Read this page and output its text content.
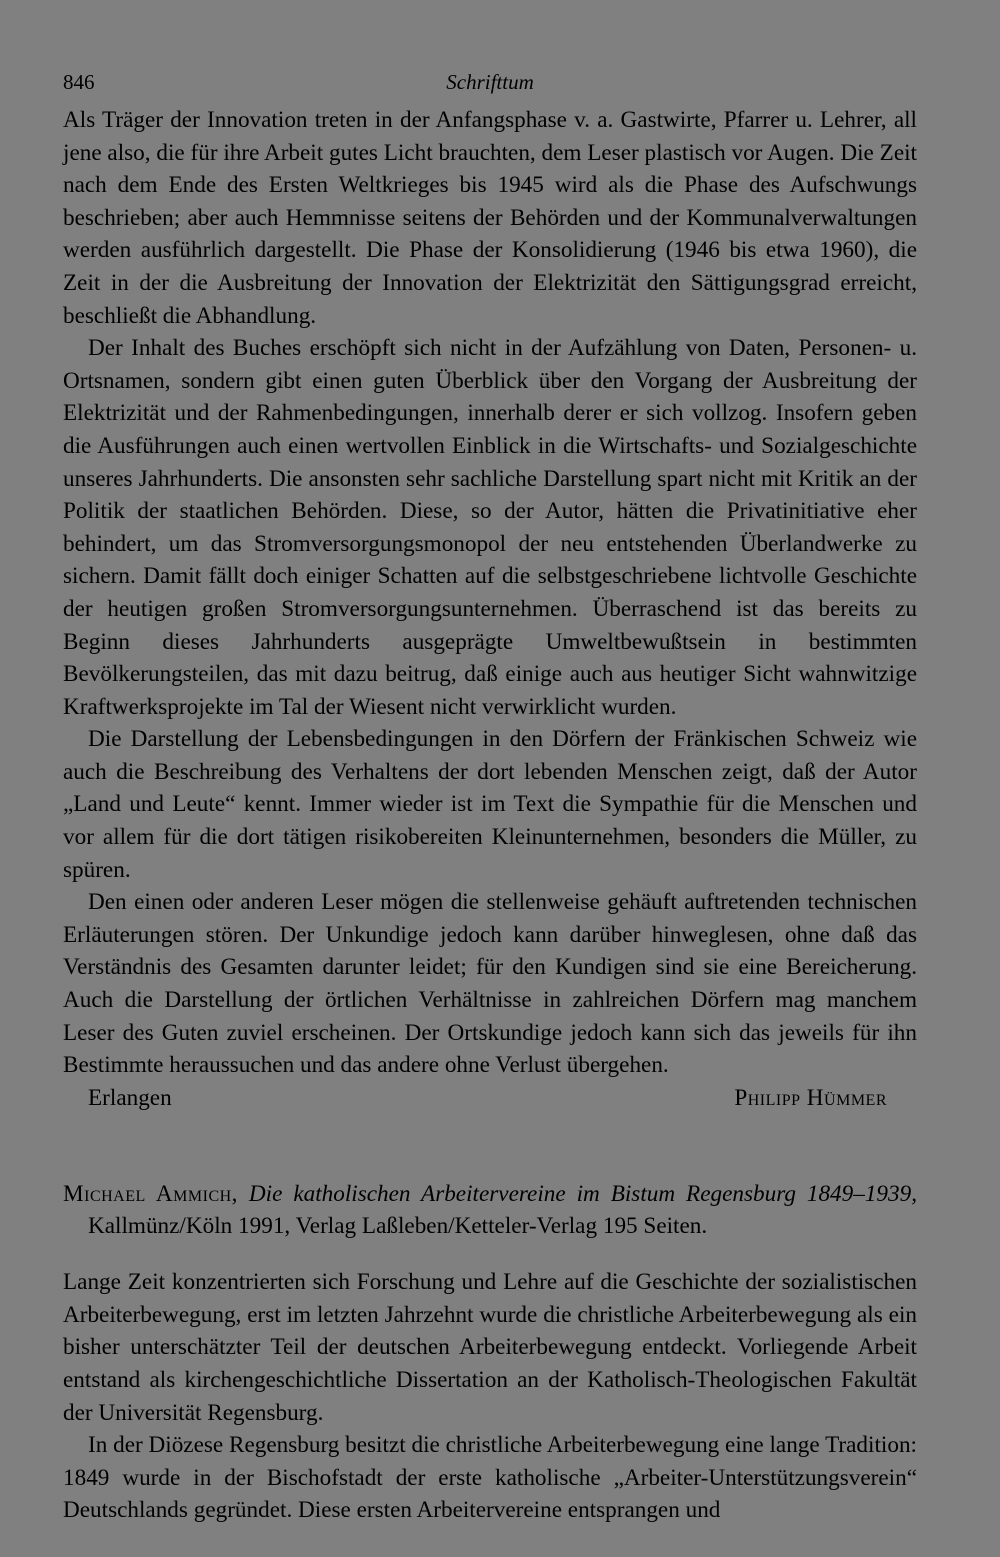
846	Schrifttum

Als Träger der Innovation treten in der Anfangsphase v. a. Gastwirte, Pfarrer u. Lehrer, all jene also, die für ihre Arbeit gutes Licht brauchten, dem Leser plastisch vor Augen. Die Zeit nach dem Ende des Ersten Weltkrieges bis 1945 wird als die Phase des Aufschwungs beschrieben; aber auch Hemmnisse seitens der Behörden und der Kommunalverwaltungen werden ausführlich dargestellt. Die Phase der Konsolidierung (1946 bis etwa 1960), die Zeit in der die Ausbreitung der Innovation der Elektrizität den Sättigungsgrad erreicht, beschließt die Abhandlung.

Der Inhalt des Buches erschöpft sich nicht in der Aufzählung von Daten, Personen- u. Ortsnamen, sondern gibt einen guten Überblick über den Vorgang der Ausbreitung der Elektrizität und der Rahmenbedingungen, innerhalb derer er sich vollzog. Insofern geben die Ausführungen auch einen wertvollen Einblick in die Wirtschafts- und Sozialgeschichte unseres Jahrhunderts. Die ansonsten sehr sachliche Darstellung spart nicht mit Kritik an der Politik der staatlichen Behörden. Diese, so der Autor, hätten die Privatinitiative eher behindert, um das Stromversorgungsmonopol der neu entstehenden Überlandwerke zu sichern. Damit fällt doch einiger Schatten auf die selbstgeschriebene lichtvolle Geschichte der heutigen großen Stromversorgungsunternehmen. Überraschend ist das bereits zu Beginn dieses Jahrhunderts ausgeprägte Umweltbewußtsein in bestimmten Bevölkerungsteilen, das mit dazu beitrug, daß einige auch aus heutiger Sicht wahnwitzige Kraftwerksprojekte im Tal der Wiesent nicht verwirklicht wurden.

Die Darstellung der Lebensbedingungen in den Dörfern der Fränkischen Schweiz wie auch die Beschreibung des Verhaltens der dort lebenden Menschen zeigt, daß der Autor „Land und Leute“ kennt. Immer wieder ist im Text die Sympathie für die Menschen und vor allem für die dort tätigen risikobereiten Kleinunternehmen, besonders die Müller, zu spüren.

Den einen oder anderen Leser mögen die stellenweise gehäuft auftretenden technischen Erläuterungen stören. Der Unkundige jedoch kann darüber hinweglesen, ohne daß das Verständnis des Gesamten darunter leidet; für den Kundigen sind sie eine Bereicherung. Auch die Darstellung der örtlichen Verhältnisse in zahlreichen Dörfern mag manchem Leser des Guten zuviel erscheinen. Der Ortskundige jedoch kann sich das jeweils für ihn Bestimmte heraussuchen und das andere ohne Verlust übergehen.

Erlangen	Philipp Hümmer

Michael Ammich, Die katholischen Arbeitervereine im Bistum Regensburg 1849–1939, Kallmünz/Köln 1991, Verlag Laßleben/Ketteler-Verlag 195 Seiten.

Lange Zeit konzentrierten sich Forschung und Lehre auf die Geschichte der sozialistischen Arbeiterbewegung, erst im letzten Jahrzehnt wurde die christliche Arbeiterbewegung als ein bisher unterschätzter Teil der deutschen Arbeiterbewegung entdeckt. Vorliegende Arbeit entstand als kirchengeschichtliche Dissertation an der Katholisch-Theologischen Fakultät der Universität Regensburg.

In der Diözese Regensburg besitzt die christliche Arbeiterbewegung eine lange Tradition: 1849 wurde in der Bischofstadt der erste katholische „Arbeiter-Unterstützungsverein“ Deutschlands gegründet. Diese ersten Arbeitervereine entsprangen und
